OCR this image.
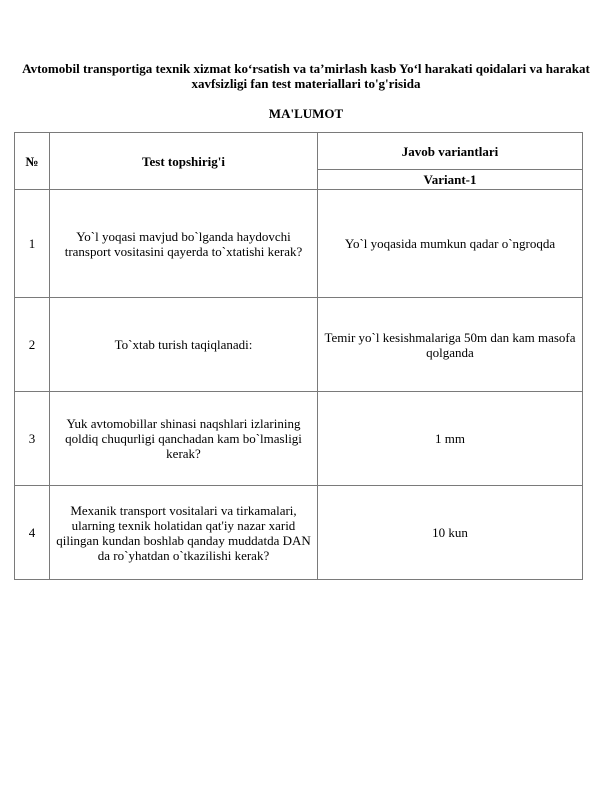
Avtomobil transportiga texnik xizmat ko‘rsatish va ta’mirlash kasb Yo‘l harakati qoidalari va harakat xavfsizligi fan test materiallari to'g'risida
MA'LUMOT
№	Test topshirig'i	Javob variantlari
		Variant-1
1	Yo`l yoqasi mavjud bo`lganda haydovchi transport vositasini qayerda to`xtatishi kerak?	Yo`l yoqasida mumkun qadar o`ngroqda
2	To`xtab turish taqiqlanadi:	Temir yo`l kesishmalariga 50m dan kam masofa qolganda
3	Yuk avtomobillar shinasi naqshlari izlarining qoldiq chuqurligi qanchadan kam bo`lmasligi kerak?	1 mm
4	Mexanik transport vositalari va tirkamalari, ularning texnik holatidan qat'iy nazar xarid qilingan kundan boshlab qanday muddatda DAN da ro`yhatdan o`tkazilishi kerak?	10 kun
